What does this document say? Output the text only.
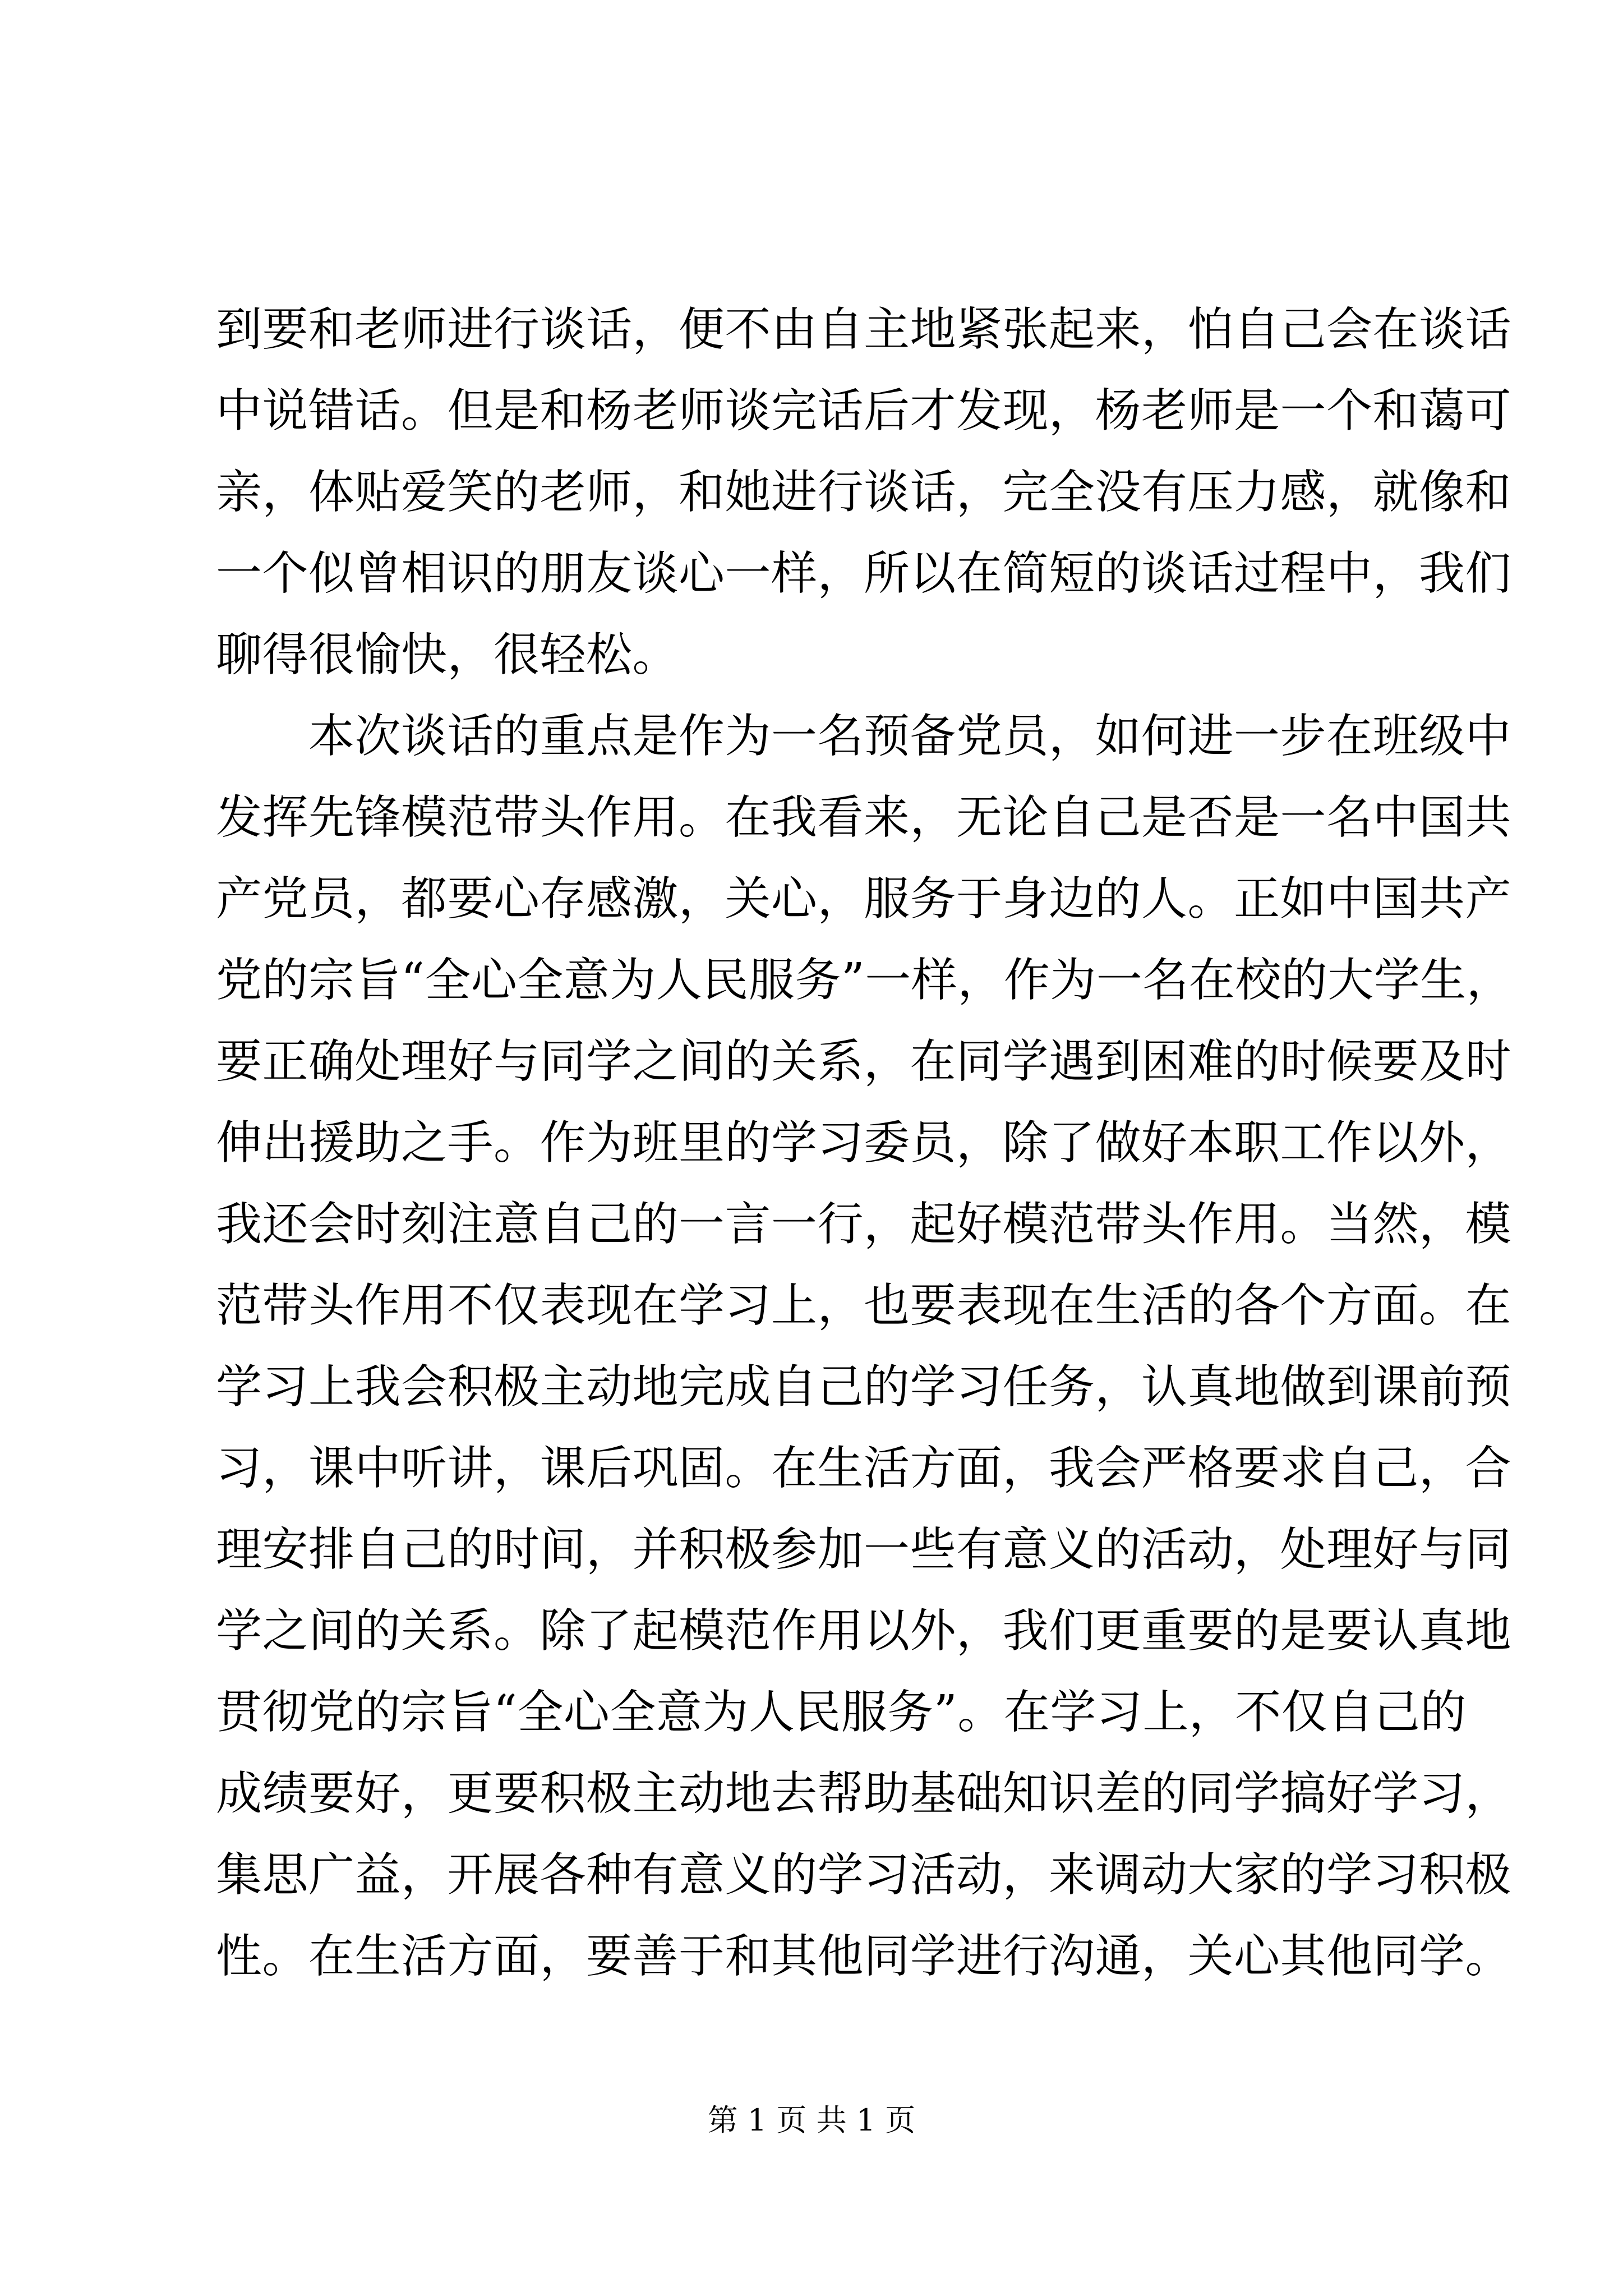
到要和老师进行谈话，便不由自主地紧张起来，怕自己会在谈话
中说错话。但是和杨老师谈完话后才发现，杨老师是一个和蔼可
亲，体贴爱笑的老师，和她进行谈话，完全没有压力感，就像和
一个似曾相识的朋友谈心一样，所以在简短的谈话过程中，我们
聊得很愉快，很轻松。
　　本次谈话的重点是作为一名预备党员，如何进一步在班级中
发挥先锋模范带头作用。在我看来，无论自己是否是一名中国共
产党员，都要心存感激，关心，服务于身边的人。正如中国共产
党的宗旨“全心全意为人民服务”一样，作为一名在校的大学生，
要正确处理好与同学之间的关系，在同学遇到困难的时候要及时
伸出援助之手。作为班里的学习委员，除了做好本职工作以外，
我还会时刻注意自己的一言一行，起好模范带头作用。当然，模
范带头作用不仅表现在学习上，也要表现在生活的各个方面。在
学习上我会积极主动地完成自己的学习任务，认真地做到课前预
习，课中听讲，课后巩固。在生活方面，我会严格要求自己，合
理安排自己的时间，并积极参加一些有意义的活动，处理好与同
学之间的关系。除了起模范作用以外，我们更重要的是要认真地
贯彻党的宗旨“全心全意为人民服务”。在学习上，不仅自己的
成绩要好，更要积极主动地去帮助基础知识差的同学搞好学习，
集思广益，开展各种有意义的学习活动，来调动大家的学习积极
性。在生活方面，要善于和其他同学进行沟通，关心其他同学。
第 1 页 共 1 页
